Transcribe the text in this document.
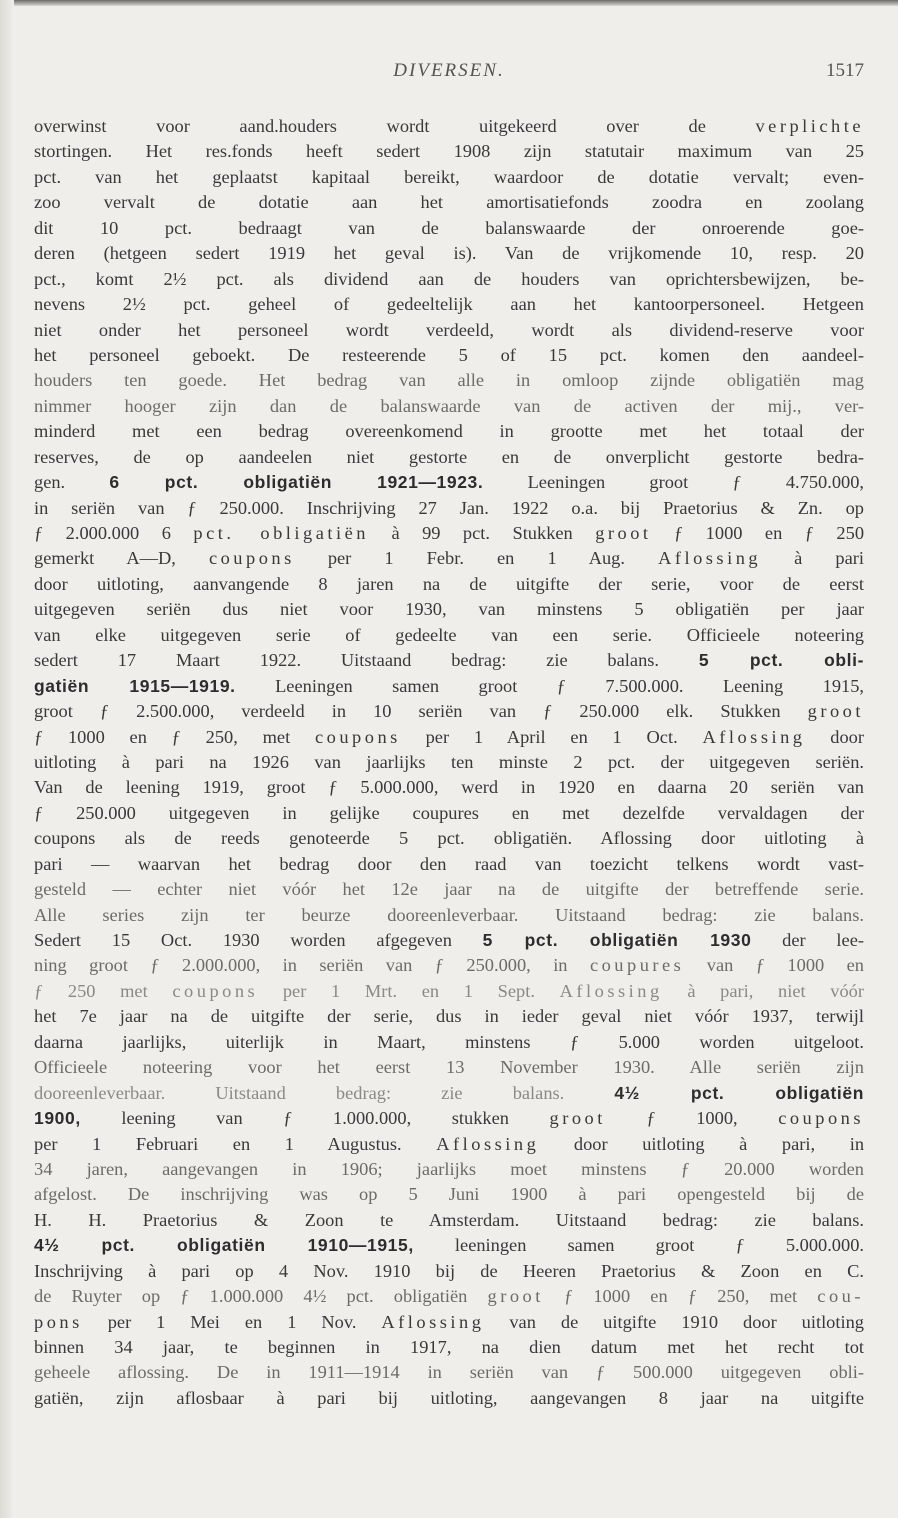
DIVERSEN.	1517
overwinst voor aand.houders wordt uitgekeerd over de verplichte
stortingen. Het res.fonds heeft sedert 1908 zijn statutair maximum van 25
pct. van het geplaatst kapitaal bereikt, waardoor de dotatie vervalt; even-
zoo vervalt de dotatie aan het amortisatiefonds zoodra en zoolang
dit 10 pct. bedraagt van de balanswaarde der onroerende goe-
deren (hetgeen sedert 1919 het geval is). Van de vrijkomende 10, resp. 20
pct., komt 2½ pct. als dividend aan de houders van oprichtersbewijzen, be-
nevens 2½ pct. geheel of gedeeltelijk aan het kantoorpersoneel. Hetgeen
niet onder het personeel wordt verdeeld, wordt als dividend-reserve voor
het personeel geboekt. De resteerende 5 of 15 pct. komen den aandeel-
houders ten goede. Het bedrag van alle in omloop zijnde obligatiën mag
nimmer hooger zijn dan de balanswaarde van de activen der mij., ver-
minderd met een bedrag overeenkomend in grootte met het totaal der
reserves, de op aandeelen niet gestorte en de onverplicht gestorte bedra-
gen. 6 pct. obligatiën 1921—1923. Leeningen groot ƒ 4.750.000,
in seriën van ƒ 250.000. Inschrijving 27 Jan. 1922 o.a. bij Praetorius & Zn. op
ƒ 2.000.000 6 pct. obligatiën à 99 pct. Stukken groot ƒ 1000 en ƒ 250
gemerkt A—D, coupons per 1 Febr. en 1 Aug. Aflossing à pari
door uitloting, aanvangende 8 jaren na de uitgifte der serie, voor de eerst
uitgegeven seriën dus niet voor 1930, van minstens 5 obligatiën per jaar
van elke uitgegeven serie of gedeelte van een serie. Officieele noteering
sedert 17 Maart 1922. Uitstaand bedrag: zie balans. 5 pct. obli-
gatiën 1915—1919. Leeningen samen groot ƒ 7.500.000. Leening 1915,
groot ƒ 2.500.000, verdeeld in 10 seriën van ƒ 250.000 elk. Stukken groot
ƒ 1000 en ƒ 250, met coupons per 1 April en 1 Oct. Aflossing door
uitloting à pari na 1926 van jaarlijks ten minste 2 pct. der uitgegeven seriën.
Van de leening 1919, groot ƒ 5.000.000, werd in 1920 en daarna 20 seriën van
ƒ 250.000 uitgegeven in gelijke coupures en met dezelfde vervaldagen der
coupons als de reeds genoteerde 5 pct. obligatiën. Aflossing door uitloting à
pari — waarvan het bedrag door den raad van toezicht telkens wordt vast-
gesteld — echter niet vóór het 12e jaar na de uitgifte der betreffende serie.
Alle series zijn ter beurze dooreenleverbaar. Uitstaand bedrag: zie balans.
Sedert 15 Oct. 1930 worden afgegeven 5 pct. obligatiën 1930 der lee-
ning groot ƒ 2.000.000, in seriën van ƒ 250.000, in coupures van ƒ 1000 en
ƒ 250 met coupons per 1 Mrt. en 1 Sept. Aflossing à pari, niet vóór
het 7e jaar na de uitgifte der serie, dus in ieder geval niet vóór 1937, terwijl
daarna jaarlijks, uiterlijk in Maart, minstens ƒ 5.000 worden uitgeloot.
Officieele noteering voor het eerst 13 November 1930. Alle seriën zijn
dooreenleverbaar. Uitstaand bedrag: zie balans. 4½ pct. obligatiën
1900, leening van ƒ 1.000.000, stukken groot ƒ 1000, coupons
per 1 Februari en 1 Augustus. Aflossing door uitloting à pari, in
34 jaren, aangevangen in 1906; jaarlijks moet minstens ƒ 20.000 worden
afgelost. De inschrijving was op 5 Juni 1900 à pari opengesteld bij de
H. H. Praetorius & Zoon te Amsterdam. Uitstaand bedrag: zie balans.
4½ pct. obligatiën 1910—1915, leeningen samen groot ƒ 5.000.000.
Inschrijving à pari op 4 Nov. 1910 bij de Heeren Praetorius & Zoon en C.
de Ruyter op ƒ 1.000.000 4½ pct. obligatiën groot ƒ 1000 en ƒ 250, met cou-
pons per 1 Mei en 1 Nov. Aflossing van de uitgifte 1910 door uitloting
binnen 34 jaar, te beginnen in 1917, na dien datum met het recht tot
geheele aflossing. De in 1911—1914 in seriën van ƒ 500.000 uitgegeven obli-
gatiën, zijn aflosbaar à pari bij uitloting, aangevangen 8 jaar na uitgifte
